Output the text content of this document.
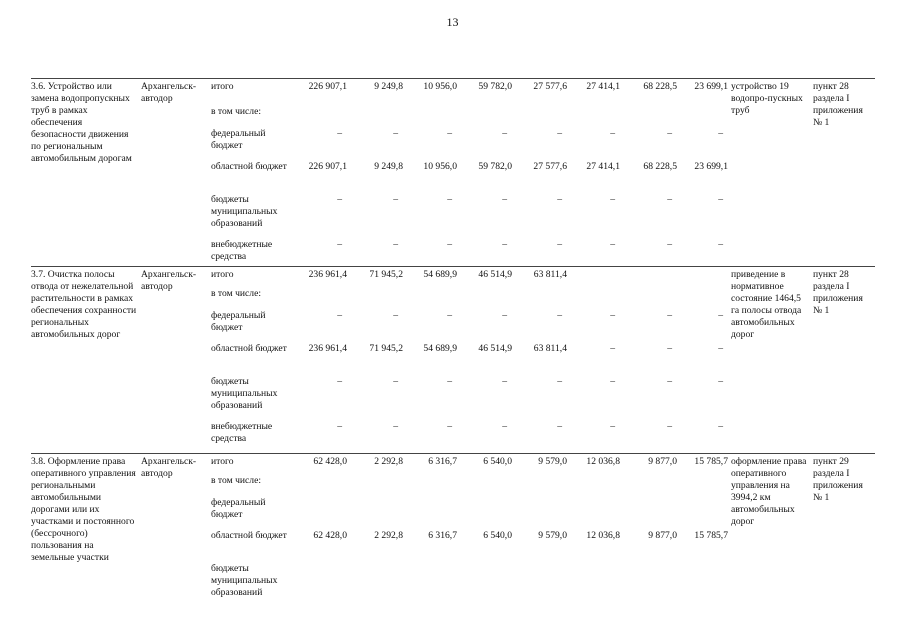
13
3.6. Устройство или замена водопропускных труб в рамках обеспечения безопасности движения по региональным автомобильным дорогам	Архангельск-автодор	итого	226 907,1	9 249,8	10 956,0	59 782,0	27 577,6	27 414,1	68 228,5	23 699,1	устройство 19 водопро-пускных труб	пункт 28 раздела I приложения № 1
		в том числе:										
		федеральный бюджет	–	–	–	–	–	–	–	–		
		областной бюджет	226 907,1	9 249,8	10 956,0	59 782,0	27 577,6	27 414,1	68 228,5	23 699,1		
		бюджеты муниципальных образований	–	–	–	–	–	–	–	–		
		внебюджетные средства	–	–	–	–	–	–	–	–		
3.7. Очистка полосы отвода от нежелательной растительности в рамках обеспечения сохранности региональных автомобильных дорог	Архангельск-автодор	итого	236 961,4	71 945,2	54 689,9	46 514,9	63 811,4				приведение в нормативное состояние 1464,5 га полосы отвода автомобильных дорог	пункт 28 раздела I приложения № 1
		в том числе:										
		федеральный бюджет	–	–	–	–	–	–	–	–		
		областной бюджет	236 961,4	71 945,2	54 689,9	46 514,9	63 811,4	–	–	–		
		бюджеты муниципальных образований	–	–	–	–	–	–	–	–		
		внебюджетные средства	–	–	–	–	–	–	–	–		
3.8. Оформление права оперативного управления региональными автомобильными дорогами или их участками и постоянного (бессрочного) пользования на земельные участки	Архангельск-автодор	итого	62 428,0	2 292,8	6 316,7	6 540,0	9 579,0	12 036,8	9 877,0	15 785,7	оформление права оперативного управления на 3994,2 км автомобильных дорог	пункт 29 раздела I приложения № 1
		в том числе:										
		федеральный бюджет										
		областной бюджет	62 428,0	2 292,8	6 316,7	6 540,0	9 579,0	12 036,8	9 877,0	15 785,7		
		бюджеты муниципальных образований										
